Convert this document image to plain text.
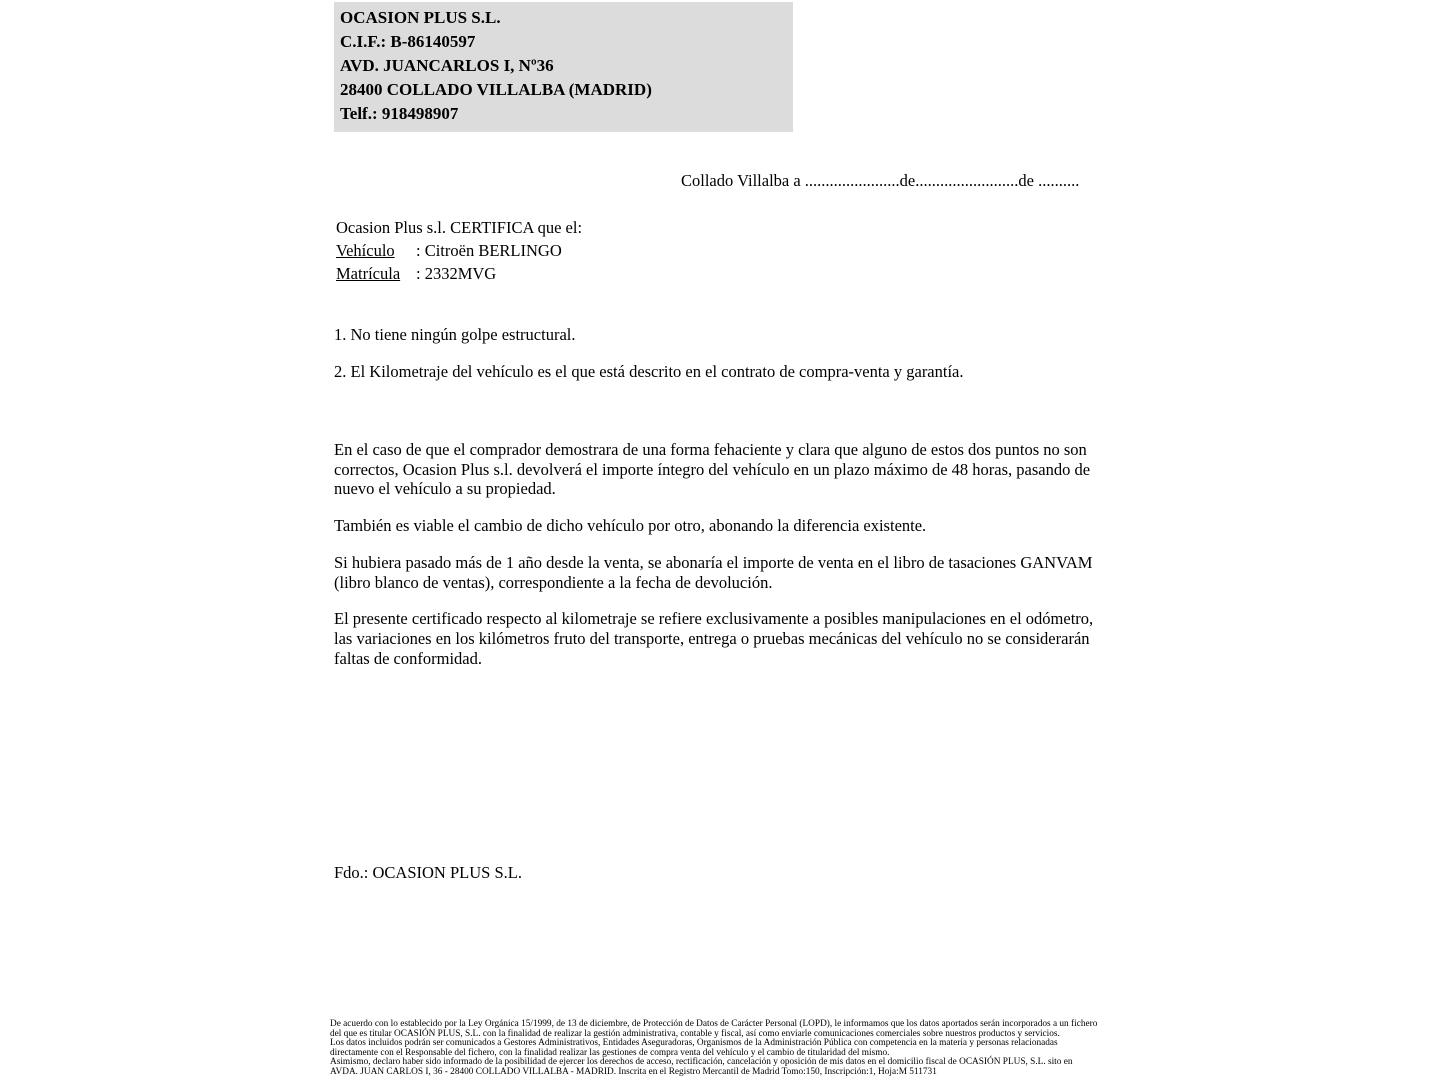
OCASION PLUS S.L.
C.I.F.: B-86140597
AVD. JUANCARLOS I, Nº36
28400 COLLADO VILLALBA (MADRID)
Telf.: 918498907
Collado Villalba a .......................de.........................de ..........
Ocasion Plus s.l. CERTIFICA que el:
Vehículo : Citroën BERLINGO
Matrícula : 2332MVG

1. No tiene ningún golpe estructural.

2. El Kilometraje del vehículo es el que está descrito en el contrato de compra-venta y garantía.

En el caso de que el comprador demostrara de una forma fehaciente y clara que alguno de estos dos puntos no son correctos, Ocasion Plus s.l. devolverá el importe íntegro del vehículo en un plazo máximo de 48 horas, pasando de nuevo el vehículo a su propiedad.

También es viable el cambio de dicho vehículo por otro, abonando la diferencia existente.

Si hubiera pasado más de 1 año desde la venta, se abonaría el importe de venta en el libro de tasaciones GANVAM (libro blanco de ventas), correspondiente a la fecha de devolución.

El presente certificado respecto al kilometraje se refiere exclusivamente a posibles manipulaciones en el odómetro, las variaciones en los kilómetros fruto del transporte, entrega o pruebas mecánicas del vehículo no se considerarán faltas de conformidad.

Fdo.: OCASION PLUS S.L.

De acuerdo con lo establecido por la Ley Orgánica 15/1999, de 13 de diciembre, de Protección de Datos de Carácter Personal (LOPD), le informamos que los datos aportados serán incorporados a un fichero del que es titular OCASIÓN PLUS, S.L. con la finalidad de realizar la gestión administrativa, contable y fiscal, así como enviarle comunicaciones comerciales sobre nuestros productos y servicios.

Los datos incluidos podrán ser comunicados a Gestores Administrativos, Entidades Aseguradoras, Organismos de la Administración Pública con competencia en la materia y personas relacionadas directamente con el Responsable del fichero, con la finalidad realizar las gestiones de compra venta del vehículo y el cambio de titularidad del mismo.

Asimismo, declaro haber sido informado de la posibilidad de ejercer los derechos de acceso, rectificación, cancelación y oposición de mis datos en el domicilio fiscal de OCASIÓN PLUS, S.L. sito en AVDA. JUAN CARLOS I, 36 - 28400 COLLADO VILLALBA - MADRID. Inscrita en el Registro Mercantil de Madrid Tomo:150, Inscripción:1, Hoja:M 511731
